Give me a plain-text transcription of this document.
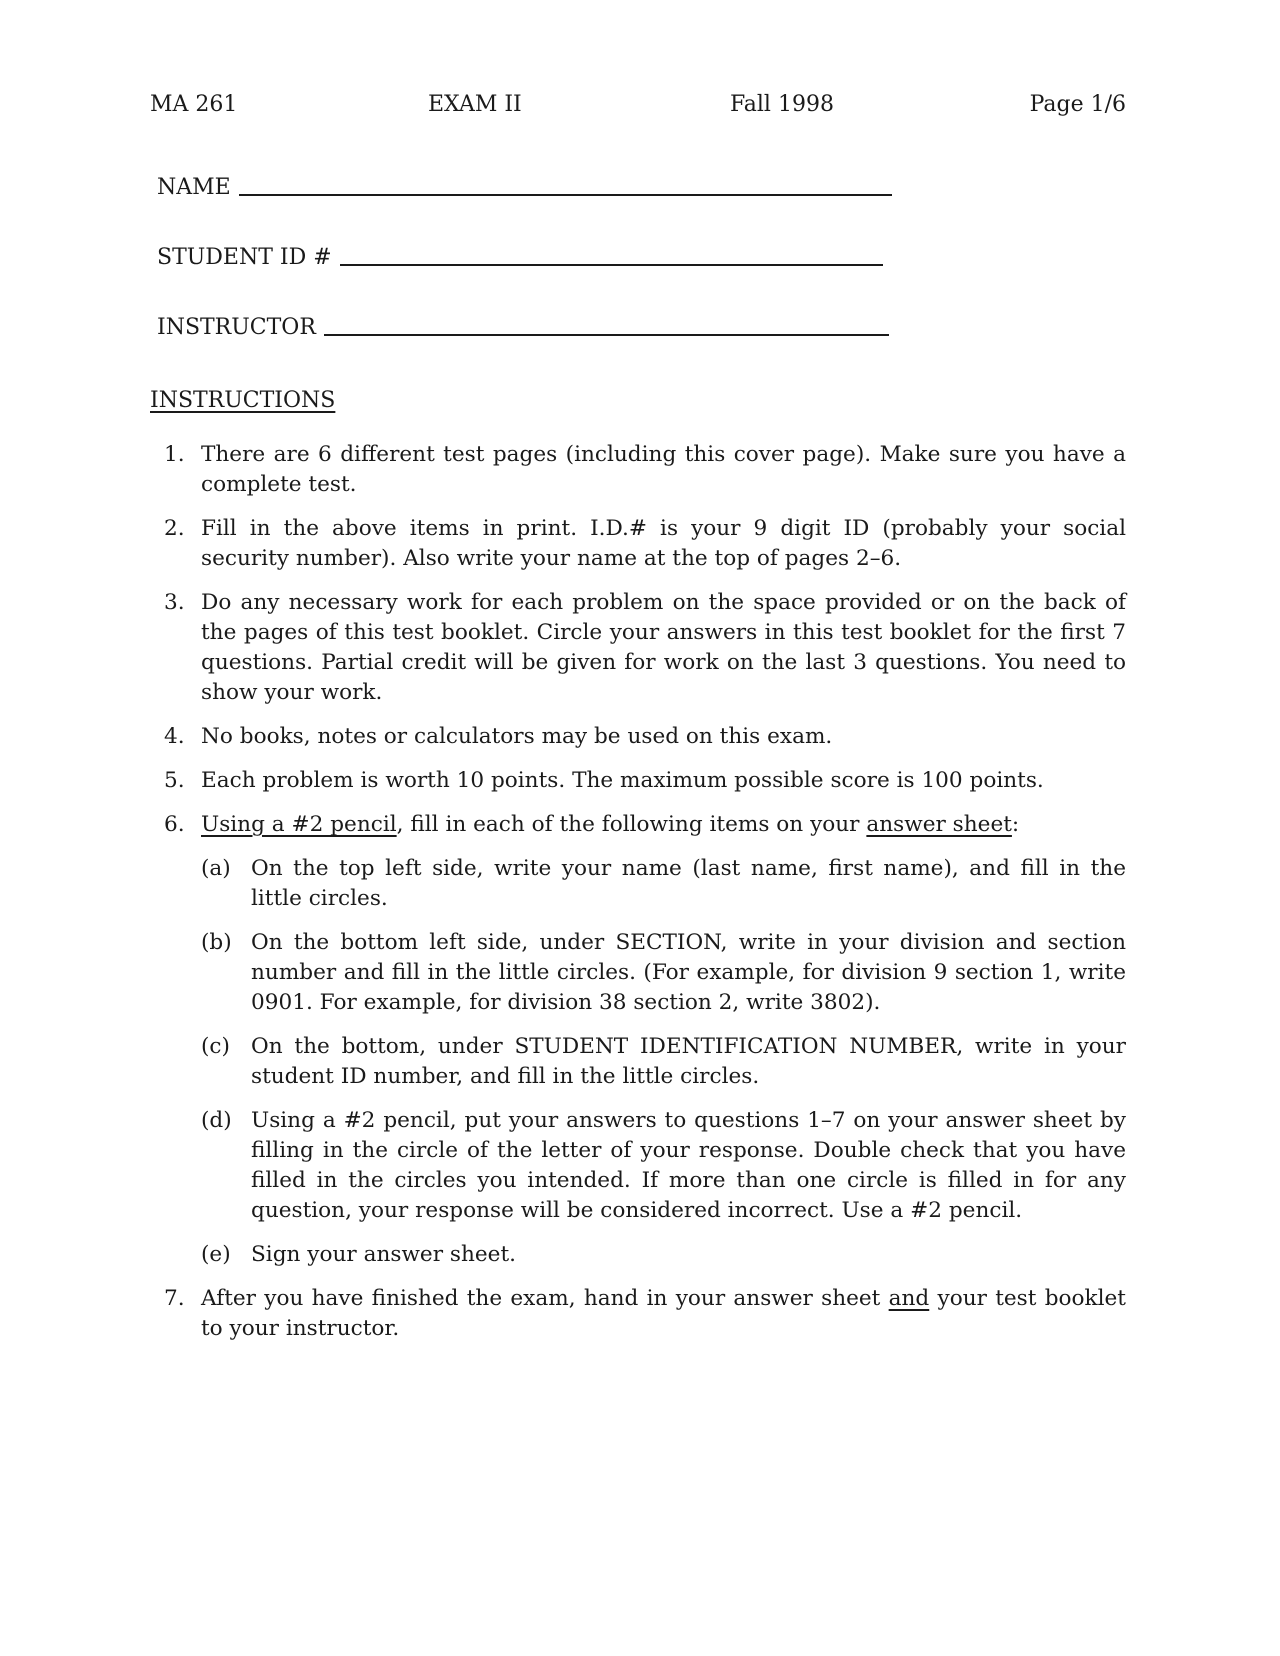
MA 261	EXAM II	Fall 1998	Page 1/6
NAME
STUDENT ID #
INSTRUCTOR
INSTRUCTIONS
1. There are 6 different test pages (including this cover page). Make sure you have a complete test.
2. Fill in the above items in print. I.D.# is your 9 digit ID (probably your social security number). Also write your name at the top of pages 2–6.
3. Do any necessary work for each problem on the space provided or on the back of the pages of this test booklet. Circle your answers in this test booklet for the first 7 questions. Partial credit will be given for work on the last 3 questions. You need to show your work.
4. No books, notes or calculators may be used on this exam.
5. Each problem is worth 10 points. The maximum possible score is 100 points.
6. Using a #2 pencil, fill in each of the following items on your answer sheet:
(a) On the top left side, write your name (last name, first name), and fill in the little circles.
(b) On the bottom left side, under SECTION, write in your division and section number and fill in the little circles. (For example, for division 9 section 1, write 0901. For example, for division 38 section 2, write 3802).
(c) On the bottom, under STUDENT IDENTIFICATION NUMBER, write in your student ID number, and fill in the little circles.
(d) Using a #2 pencil, put your answers to questions 1–7 on your answer sheet by filling in the circle of the letter of your response. Double check that you have filled in the circles you intended. If more than one circle is filled in for any question, your response will be considered incorrect. Use a #2 pencil.
(e) Sign your answer sheet.
7. After you have finished the exam, hand in your answer sheet and your test booklet to your instructor.
